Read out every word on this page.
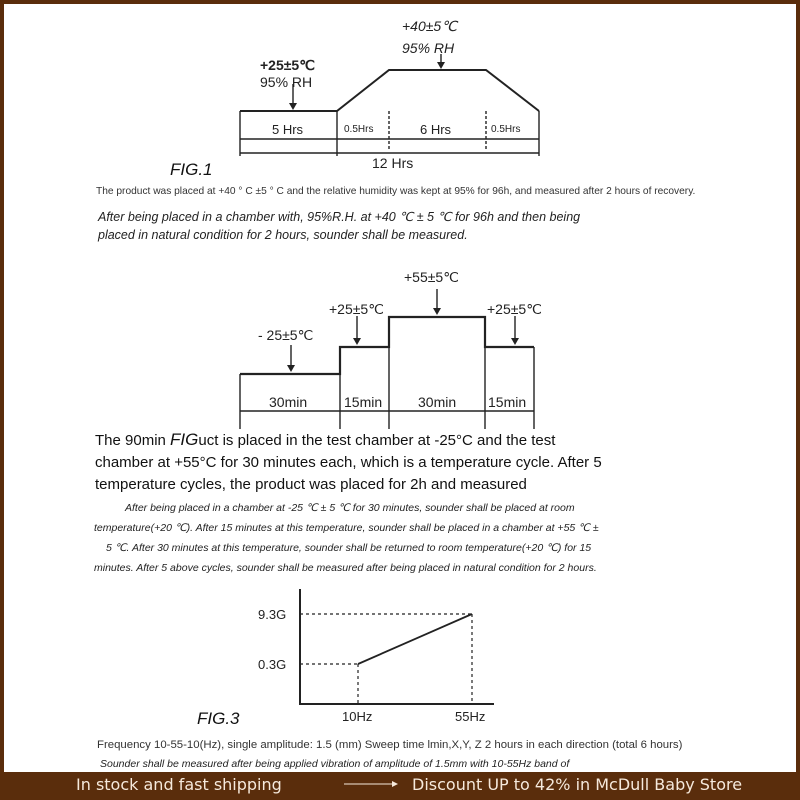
+40±5℃
95% RH
+25±5℃
95% RH
5 Hrs	0.5Hrs	6 Hrs	0.5Hrs
12 Hrs
FIG.1
The product was placed at +40 ° C ±5 ° C and the relative humidity was kept at 95% for 96h, and measured after 2 hours of recovery.
After being placed in a chamber with, 95%R.H. at +40 ℃ ± 5 ℃ for 96h and then being
placed in natural condition for 2 hours, sounder shall be measured.
+55±5℃
+25±5℃	+25±5℃
- 25±5℃
30min	15min	30min 15min
The 90min FIGuct is placed in the test chamber at -25°C and the test
chamber at +55°C for 30 minutes each, which is a temperature cycle. After 5
temperature cycles, the product was placed for 2h and measured
After being placed in a chamber at -25 ℃ ± 5 ℃ for 30 minutes, sounder shall be placed at room
temperature(+20 ℃). After 15 minutes at this temperature, sounder shall be placed in a chamber at +55 ℃ ±
5 ℃. After 30 minutes at this temperature, sounder shall be returned to room temperature(+20 ℃) for 15
minutes. After 5 above cycles, sounder shall be measured after being placed in natural condition for 2 hours.
9.3G
0.3G
10Hz	55Hz
FIG.3
Frequency 10-55-10(Hz), single amplitude: 1.5 (mm) Sweep time lmin,X,Y, Z 2 hours in each direction (total 6 hours)
Sounder shall be measured after being applied vibration of amplitude of 1.5mm with 10-55Hz band of
In stock and fast shipping	Discount UP to 42% in McDull Baby Store
